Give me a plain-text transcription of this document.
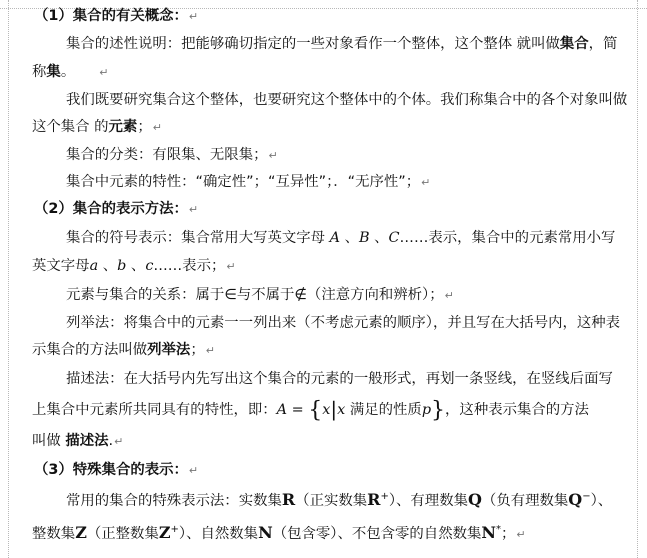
（1）集合的有关概念：↵
集合的述性说明：把能够确切指定的一些对象看作一个整体，这个整体 就叫做集合，简
称集。 ↵
我们既要研究集合这个整体，也要研究这个整体中的个体。我们称集合中的各个对象叫做
这个集合 的元素；↵
集合的分类：有限集、无限集；↵
集合中元素的特性：“确定性”；“互异性”；．“无序性”；↵
（2）集合的表示方法：↵
集合的符号表示：集合常用大写英文字母 A 、B 、C……表示，集合中的元素常用小写
英文字母a 、b 、c……表示；↵
元素与集合的关系：属于∈与不属于∉（注意方向和辨析）；↵
列举法：将集合中的元素一一列出来（不考虑元素的顺序），并且写在大括号内，这种表
示集合的方法叫做列举法；↵
描述法：在大括号内先写出这个集合的元素的一般形式，再划一条竖线，在竖线后面写
上集合中元素所共同具有的特性，即：A = {x|x 满足的性质p}，这种表示集合的方法
叫做 描述法.↵
（3）特殊集合的表示：↵
常用的集合的特殊表示法：实数集R（正实数集R+）、有理数集Q（负有理数集Q−）、
整数集Z（正整数集Z+）、自然数集N（包含零）、不包含零的自然数集N*；↵
